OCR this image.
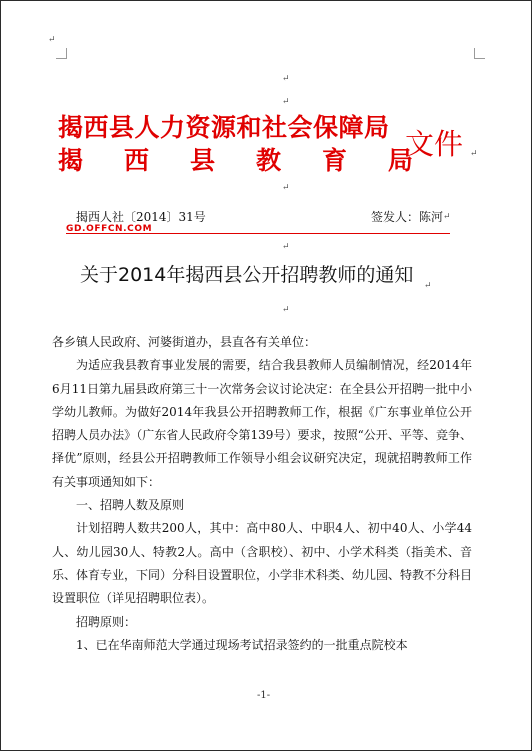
↵
↵
↵
揭西县人力资源和社会保障局
揭 西 县 教 育 局
文件 ↵
↵
揭西人社〔2014〕31号	签发人：陈河 ↵
GD.OFFCN.COM
↵
关于2014年揭西县公开招聘教师的通知 ↵
↵

各乡镇人民政府、河婆街道办，县直各有关单位：

为适应我县教育事业发展的需要，结合我县教师人员编制情况，经2014年6月11日第九届县政府第三十一次常务会议讨论决定：在全县公开招聘一批中小学幼儿教师。为做好2014年我县公开招聘教师工作，根据《广东事业单位公开招聘人员办法》（广东省人民政府令第139号）要求，按照“公开、平等、竞争、择优”原则，经县公开招聘教师工作领导小组会议研究决定，现就招聘教师工作有关事项通知如下：

一、招聘人数及原则

计划招聘人数共200人，其中：高中80人、中职4人、初中40人、小学44人、幼儿园30人、特教2人。高中（含职校）、初中、小学术科类（指美术、音乐、体育专业，下同）分科目设置职位，小学非术科类、幼儿园、特教不分科目设置职位（详见招聘职位表）。

招聘原则：

1、已在华南师范大学通过现场考试招录签约的一批重点院校本

-1-
